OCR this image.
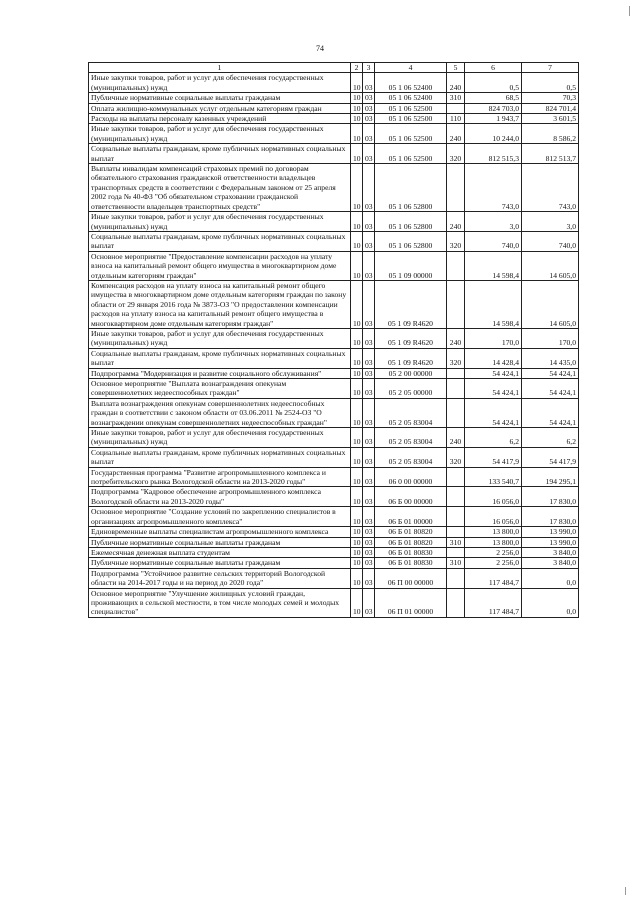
74
1	2	3	4	5	6	7
Иные закупки товаров, работ и услуг для обеспечения государственных (муниципальных) нужд	10	03	05 1 06 52400	240	0,5	0,5
Публичные нормативные социальные выплаты гражданам	10	03	05 1 06 52400	310	68,5	70,3
Оплата жилищно-коммунальных услуг отдельным категориям граждан	10	03	05 1 06 52500		824 703,0	824 701,4
Расходы на выплаты персоналу казенных учреждений	10	03	05 1 06 52500	110	1 943,7	3 601,5
Иные закупки товаров, работ и услуг для обеспечения государственных (муниципальных) нужд	10	03	05 1 06 52500	240	10 244,0	8 586,2
Социальные выплаты гражданам, кроме публичных нормативных социальных выплат	10	03	05 1 06 52500	320	812 515,3	812 513,7
Выплаты инвалидам компенсаций страховых премий по договорам обязательного страхования гражданской ответственности владельцев транспортных средств в соответствии с Федеральным законом от 25 апреля 2002 года № 40-ФЗ "Об обязательном страховании гражданской ответственности владельцев транспортных средств"	10	03	05 1 06 52800		743,0	743,0
Иные закупки товаров, работ и услуг для обеспечения государственных (муниципальных) нужд	10	03	05 1 06 52800	240	3,0	3,0
Социальные выплаты гражданам, кроме публичных нормативных социальных выплат	10	03	05 1 06 52800	320	740,0	740,0
Основное мероприятие "Предоставление компенсации расходов на уплату взноса на капитальный ремонт общего имущества в многоквартирном доме отдельным категориям граждан"	10	03	05 1 09 00000		14 598,4	14 605,0
Компенсация расходов на уплату взноса на капитальный ремонт общего имущества в многоквартирном доме отдельным категориям граждан по закону области от 29 января 2016 года № 3873-ОЗ "О предоставлении компенсации расходов на уплату взноса на капитальный ремонт общего имущества в многоквартирном доме отдельным категориям граждан"	10	03	05 1 09 R4620		14 598,4	14 605,0
Иные закупки товаров, работ и услуг для обеспечения государственных (муниципальных) нужд	10	03	05 1 09 R4620	240	170,0	170,0
Социальные выплаты гражданам, кроме публичных нормативных социальных выплат	10	03	05 1 09 R4620	320	14 428,4	14 435,0
Подпрограмма "Модернизация и развитие социального обслуживания"	10	03	05 2 00 00000		54 424,1	54 424,1
Основное мероприятие "Выплата вознаграждения опекунам совершеннолетних недееспособных граждан"	10	03	05 2 05 00000		54 424,1	54 424,1
Выплата вознаграждения опекунам совершеннолетних недееспособных граждан в соответствии с законом области от 03.06.2011 № 2524-ОЗ "О вознаграждении опекунам совершеннолетних недееспособных граждан"	10	03	05 2 05 83004		54 424,1	54 424,1
Иные закупки товаров, работ и услуг для обеспечения государственных (муниципальных) нужд	10	03	05 2 05 83004	240	6,2	6,2
Социальные выплаты гражданам, кроме публичных нормативных социальных выплат	10	03	05 2 05 83004	320	54 417,9	54 417,9
Государственная программа "Развитие агропромышленного комплекса и потребительского рынка Вологодской области на 2013-2020 годы"	10	03	06 0 00 00000		133 540,7	194 295,1
Подпрограмма "Кадровое обеспечение агропромышленного комплекса Вологодской области на 2013-2020 годы"	10	03	06 Б 00 00000		16 056,0	17 830,0
Основное мероприятие "Создание условий по закреплению специалистов в организациях агропромышленного комплекса"	10	03	06 Б 01 00000		16 056,0	17 830,0
Единовременные выплаты специалистам агропромышленного комплекса	10	03	06 Б 01 80820		13 800,0	13 990,0
Публичные нормативные социальные выплаты гражданам	10	03	06 Б 01 80820	310	13 800,0	13 990,0
Ежемесячная денежная выплата студентам	10	03	06 Б 01 80830		2 256,0	3 840,0
Публичные нормативные социальные выплаты гражданам	10	03	06 Б 01 80830	310	2 256,0	3 840,0
Подпрограмма "Устойчивое развитие сельских территорий Вологодской области на 2014-2017 годы и на период до 2020 года"	10	03	06 П 00 00000		117 484,7	0,0
Основное мероприятие "Улучшение жилищных условий граждан, проживающих в сельской местности, в том числе молодых семей и молодых специалистов"	10	03	06 П 01 00000		117 484,7	0,0
